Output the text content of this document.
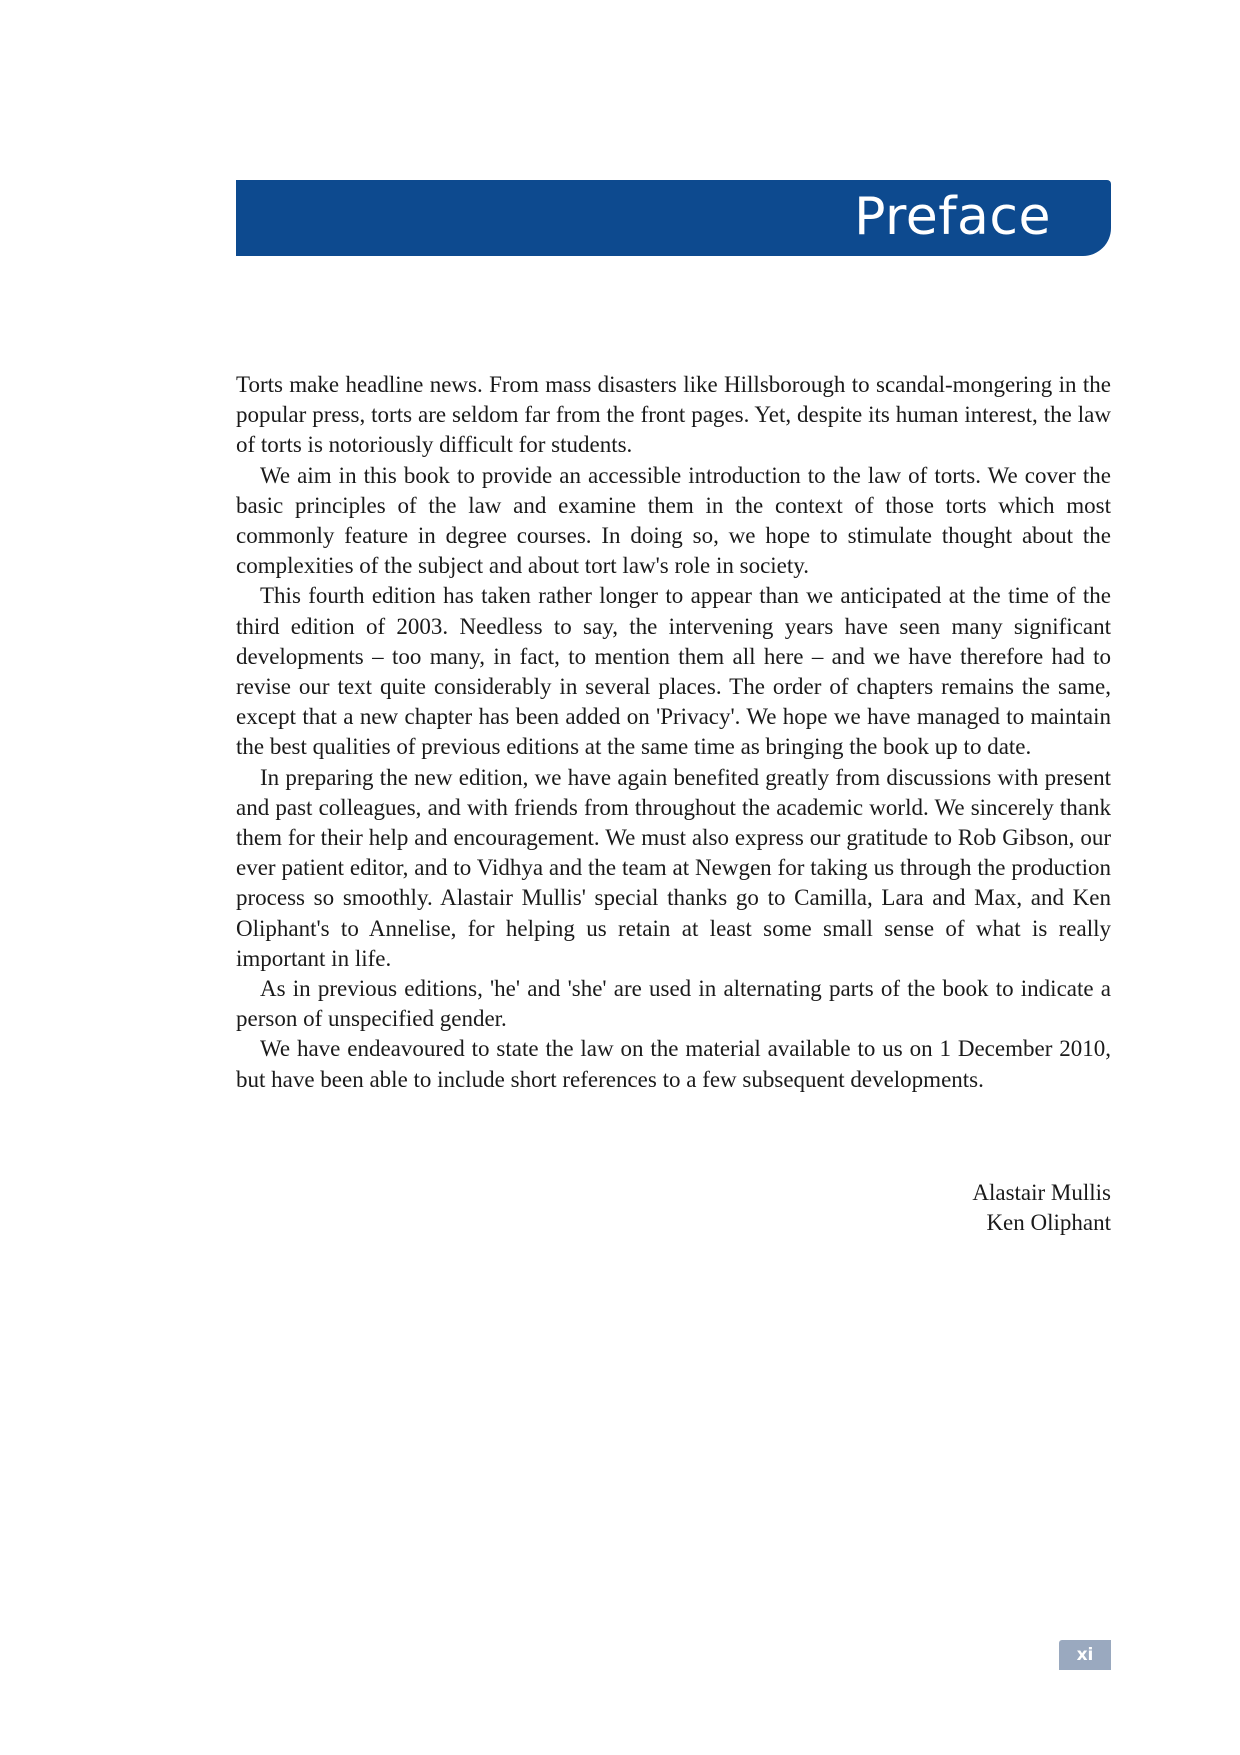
Preface

Torts make headline news. From mass disasters like Hillsborough to scandal-mongering in the popular press, torts are seldom far from the front pages. Yet, despite its human interest, the law of torts is notoriously difficult for students.

We aim in this book to provide an accessible introduction to the law of torts. We cover the basic principles of the law and examine them in the context of those torts which most commonly feature in degree courses. In doing so, we hope to stimulate thought about the complexities of the subject and about tort law's role in society.

This fourth edition has taken rather longer to appear than we anticipated at the time of the third edition of 2003. Needless to say, the intervening years have seen many significant developments – too many, in fact, to mention them all here – and we have therefore had to revise our text quite considerably in several places. The order of chapters remains the same, except that a new chapter has been added on 'Privacy'. We hope we have managed to maintain the best qualities of previous editions at the same time as bringing the book up to date.

In preparing the new edition, we have again benefited greatly from discussions with present and past colleagues, and with friends from throughout the academic world. We sincerely thank them for their help and encouragement. We must also express our gratitude to Rob Gibson, our ever patient editor, and to Vidhya and the team at Newgen for taking us through the production process so smoothly. Alastair Mullis' special thanks go to Camilla, Lara and Max, and Ken Oliphant's to Annelise, for helping us retain at least some small sense of what is really important in life.

As in previous editions, 'he' and 'she' are used in alternating parts of the book to indicate a person of unspecified gender.

We have endeavoured to state the law on the material available to us on 1 December 2010, but have been able to include short references to a few subsequent developments.

Alastair Mullis
Ken Oliphant
xi
